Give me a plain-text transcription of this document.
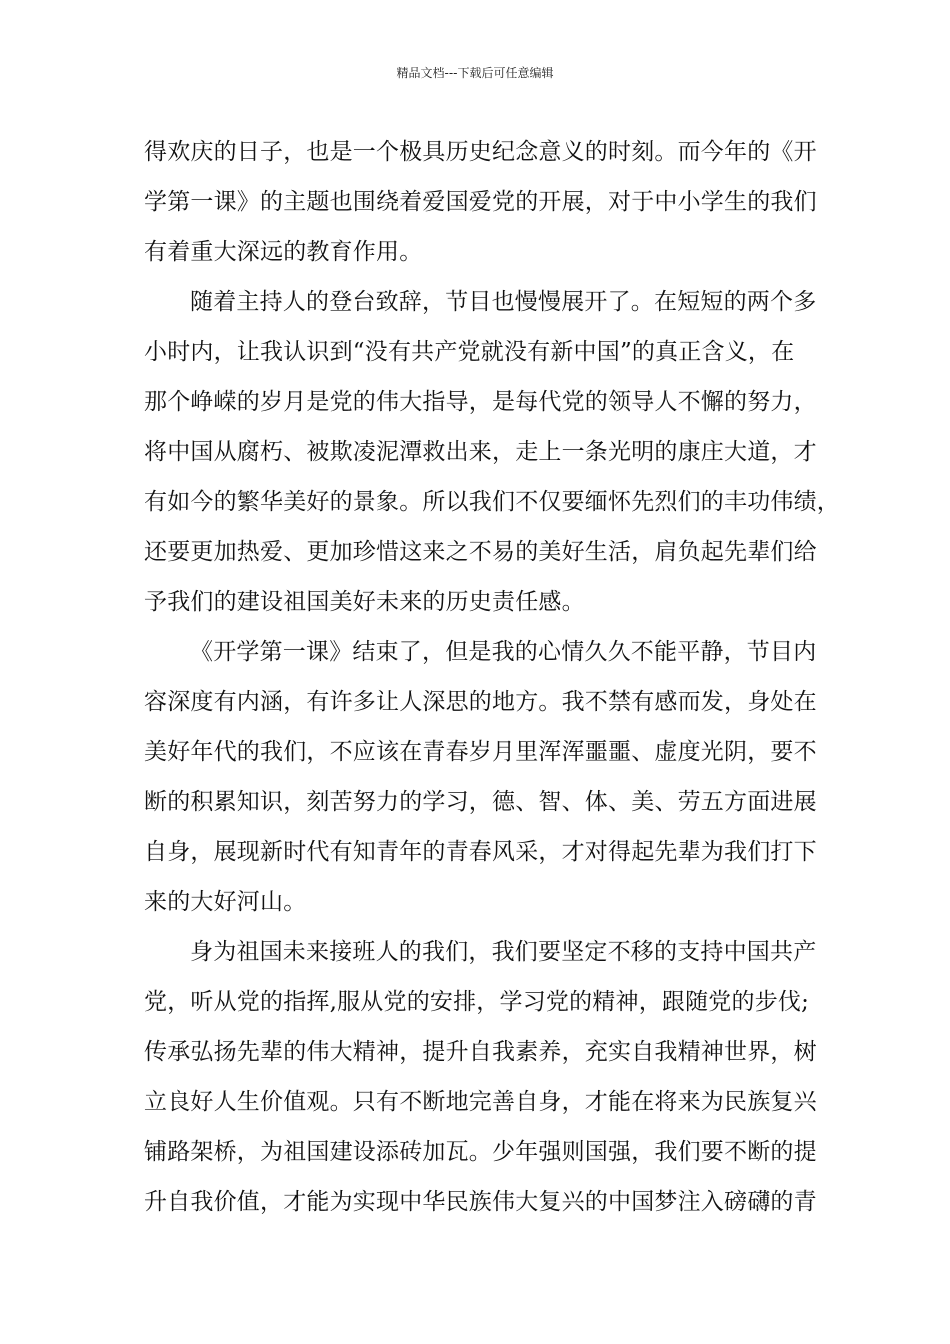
精品文档---下载后可任意编辑
得欢庆的日子，也是一个极具历史纪念意义的时刻。而今年的《开
学第一课》的主题也围绕着爱国爱党的开展，对于中小学生的我们
有着重大深远的教育作用。
随着主持人的登台致辞，节目也慢慢展开了。在短短的两个多
小时内，让我认识到“没有共产党就没有新中国”的真正含义，在
那个峥嵘的岁月是党的伟大指导，是每代党的领导人不懈的努力，
将中国从腐朽、被欺凌泥潭救出来，走上一条光明的康庄大道，才
有如今的繁华美好的景象。所以我们不仅要缅怀先烈们的丰功伟绩，
还要更加热爱、更加珍惜这来之不易的美好生活，肩负起先辈们给
予我们的建设祖国美好未来的历史责任感。
《开学第一课》结束了，但是我的心情久久不能平静，节目内
容深度有内涵，有许多让人深思的地方。我不禁有感而发，身处在
美好年代的我们，不应该在青春岁月里浑浑噩噩、虚度光阴，要不
断的积累知识，刻苦努力的学习，德、智、体、美、劳五方面进展
自身，展现新时代有知青年的青春风采，才对得起先辈为我们打下
来的大好河山。
身为祖国未来接班人的我们，我们要坚定不移的支持中国共产
党，听从党的指挥,服从党的安排，学习党的精神，跟随党的步伐;
传承弘扬先辈的伟大精神，提升自我素养，充实自我精神世界，树
立良好人生价值观。只有不断地完善自身，才能在将来为民族复兴
铺路架桥，为祖国建设添砖加瓦。少年强则国强，我们要不断的提
升自我价值，才能为实现中华民族伟大复兴的中国梦注入磅礴的青
